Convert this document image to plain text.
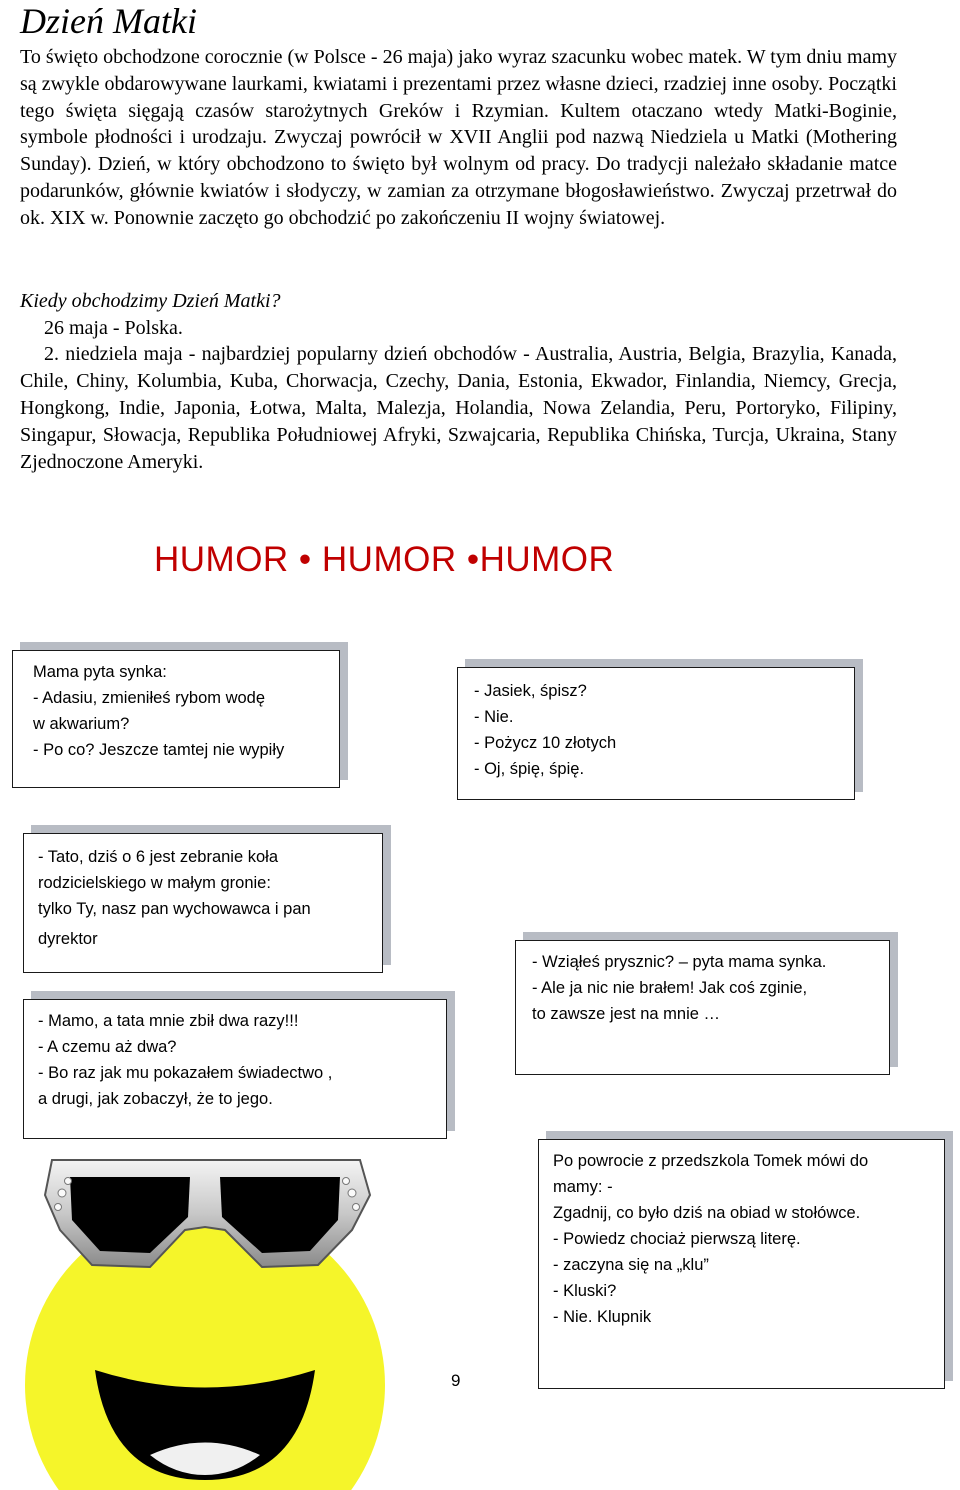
Dzień Matki

To święto obchodzone corocznie (w Polsce - 26 maja) jako wyraz szacunku wobec matek. W tym dniu mamy są zwykle obdarowywane laurkami, kwiatami i prezentami przez własne dzieci, rzadziej inne osoby. Początki tego święta sięgają czasów starożytnych Greków i Rzymian. Kultem otaczano wtedy Matki-Boginie, symbole płodności i urodzaju. Zwyczaj powrócił w XVII Anglii pod nazwą Niedziela u Matki (Mothering Sunday). Dzień, w który obchodzono to święto był wolnym od pracy. Do tradycji należało składanie matce podarunków, głównie kwiatów i słodyczy, w zamian za otrzymane błogosławieństwo. Zwyczaj przetrwał do ok. XIX w. Ponownie zaczęto go obchodzić po zakończeniu II wojny światowej.

Kiedy obchodzimy Dzień Matki?

26 maja - Polska.

2. niedziela maja - najbardziej popularny dzień obchodów - Australia, Austria, Belgia, Brazylia, Kanada, Chile, Chiny, Kolumbia, Kuba, Chorwacja, Czechy, Dania, Estonia, Ekwador, Finlandia, Niemcy, Grecja, Hongkong, Indie, Japonia, Łotwa, Malta, Malezja, Holandia, Nowa Zelandia, Peru, Portoryko, Filipiny, Singapur, Słowacja, Republika Południowej Afryki, Szwajcaria, Republika Chińska, Turcja, Ukraina, Stany Zjednoczone Ameryki.

HUMOR • HUMOR •HUMOR

Mama pyta synka:
- Adasiu, zmieniłeś rybom wodę
w akwarium?
- Po co? Jeszcze tamtej nie wypiły
- Jasiek, śpisz?
- Nie.
- Pożycz 10 złotych
- Oj, śpię, śpię.
- Tato, dziś o 6 jest zebranie koła
rodzicielskiego w małym gronie:
tylko Ty, nasz pan wychowawca i pan
dyrektor
- Wziąłeś prysznic? – pyta mama synka.
- Ale ja nic nie brałem! Jak coś zginie,
to zawsze jest na mnie …
- Mamo, a tata mnie zbił dwa razy!!!
- A czemu aż dwa?
- Bo raz jak mu pokazałem świadectwo ,
a drugi, jak zobaczył, że to jego.
Po powrocie z przedszkola Tomek mówi do
mamy: -
Zgadnij, co było dziś na obiad w stołówce.
- Powiedz chociaż pierwszą literę.
- zaczyna się na „klu”
- Kluski?
- Nie. Klupnik
9
